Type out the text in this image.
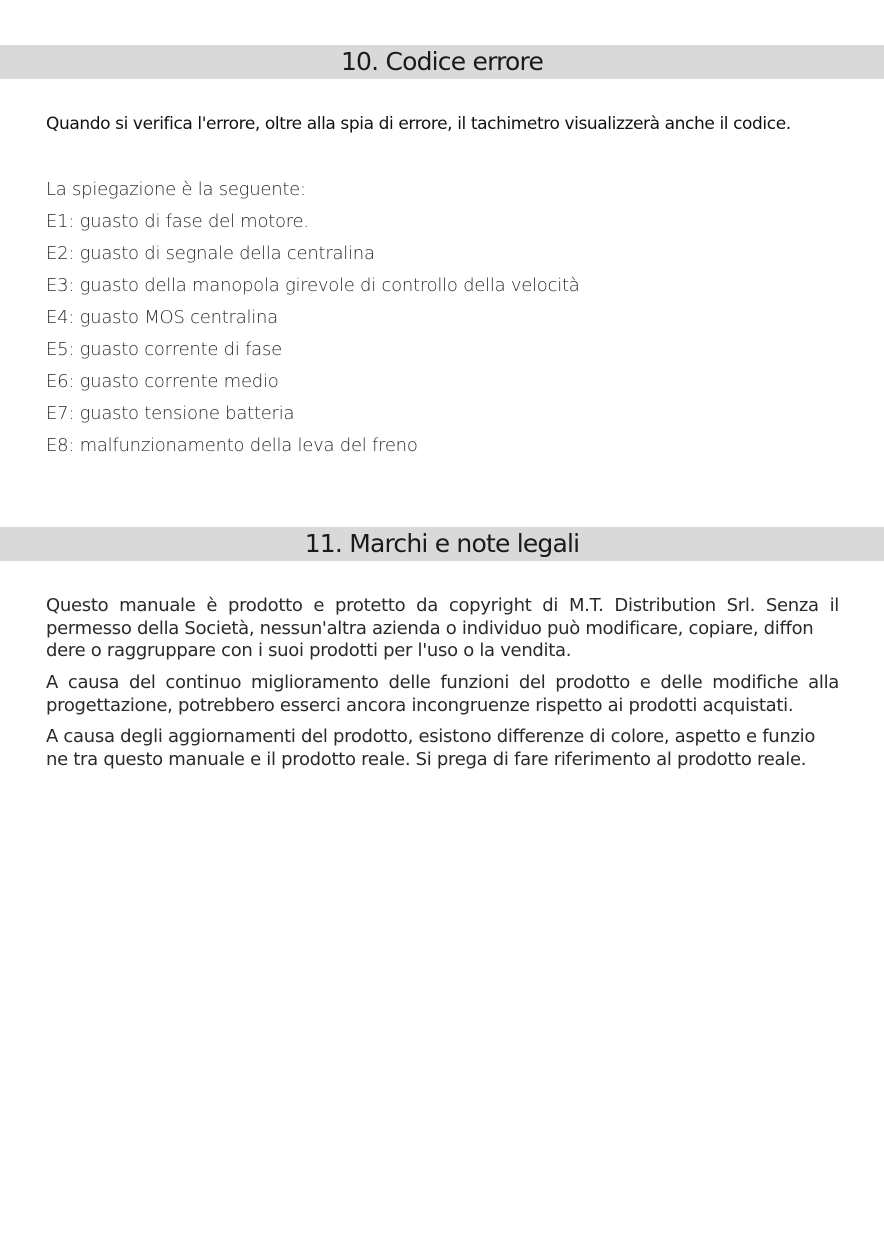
10. Codice errore

Quando si verifica l'errore, oltre alla spia di errore, il tachimetro visualizzerà anche il codice.

La spiegazione è la seguente:
E1: guasto di fase del motore.
E2: guasto di segnale della centralina
E3: guasto della manopola girevole di controllo della velocità
E4: guasto MOS centralina
E5: guasto corrente di fase
E6: guasto corrente medio
E7: guasto tensione batteria
E8: malfunzionamento della leva del freno
11. Marchi e note legali

Questo manuale è prodotto e protetto da copyright di M.T. Distribution Srl. Senza il
permesso della Società, nessun'altra azienda o individuo può modificare, copiare, diffon
dere o raggruppare con i suoi prodotti per l'uso o la vendita.

A causa del continuo miglioramento delle funzioni del prodotto e delle modifiche alla
progettazione, potrebbero esserci ancora incongruenze rispetto ai prodotti acquistati.

A causa degli aggiornamenti del prodotto, esistono differenze di colore, aspetto e funzio
ne tra questo manuale e il prodotto reale. Si prega di fare riferimento al prodotto reale.
